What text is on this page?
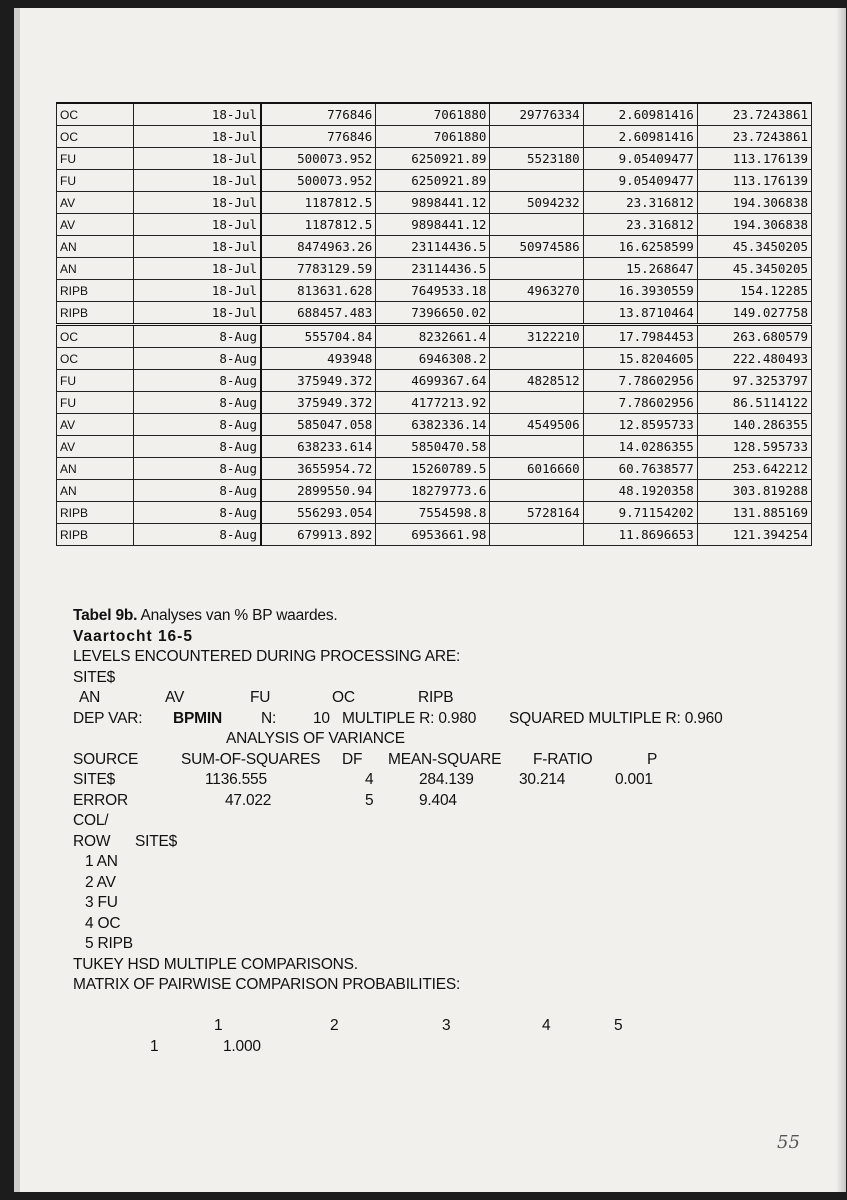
OC	18-Jul	776846	7061880	29776334	2.60981416	23.7243861
OC	18-Jul	776846	7061880		2.60981416	23.7243861
FU	18-Jul	500073.952	6250921.89	5523180	9.05409477	113.176139
FU	18-Jul	500073.952	6250921.89		9.05409477	113.176139
AV	18-Jul	1187812.5	9898441.12	5094232	23.316812	194.306838
AV	18-Jul	1187812.5	9898441.12		23.316812	194.306838
AN	18-Jul	8474963.26	23114436.5	50974586	16.6258599	45.3450205
AN	18-Jul	7783129.59	23114436.5		15.268647	45.3450205
RIPB	18-Jul	813631.628	7649533.18	4963270	16.3930559	154.12285
RIPB	18-Jul	688457.483	7396650.02		13.8710464	149.027758
OC	8-Aug	555704.84	8232661.4	3122210	17.7984453	263.680579
OC	8-Aug	493948	6946308.2		15.8204605	222.480493
FU	8-Aug	375949.372	4699367.64	4828512	7.78602956	97.3253797
FU	8-Aug	375949.372	4177213.92		7.78602956	86.5114122
AV	8-Aug	585047.058	6382336.14	4549506	12.8595733	140.286355
AV	8-Aug	638233.614	5850470.58		14.0286355	128.595733
AN	8-Aug	3655954.72	15260789.5	6016660	60.7638577	253.642212
AN	8-Aug	2899550.94	18279773.6		48.1920358	303.819288
RIPB	8-Aug	556293.054	7554598.8	5728164	9.71154202	131.885169
RIPB	8-Aug	679913.892	6953661.98		11.8696653	121.394254
Tabel 9b. Analyses van % BP waardes.
Vaartocht 16-5
LEVELS ENCOUNTERED DURING PROCESSING ARE:
SITE$
AN	AV	FU	OC	RIPB
DEP VAR: BPMIN	N: 10 MULTIPLE R: 0.980 SQUARED MULTIPLE R: 0.960
ANALYSIS OF VARIANCE
SOURCE	SUM-OF-SQUARES DF MEAN-SQUARE F-RATIO	P
SITE$	1136.555	4	284.139	30.214	0.001
ERROR	47.022	5	9.404
COL/
ROW SITE$
1 AN
2 AV
3 FU
4 OC
5 RIPB
TUKEY HSD MULTIPLE COMPARISONS.
MATRIX OF PAIRWISE COMPARISON PROBABILITIES:
1	2	3	4	5
1	1.000
55
